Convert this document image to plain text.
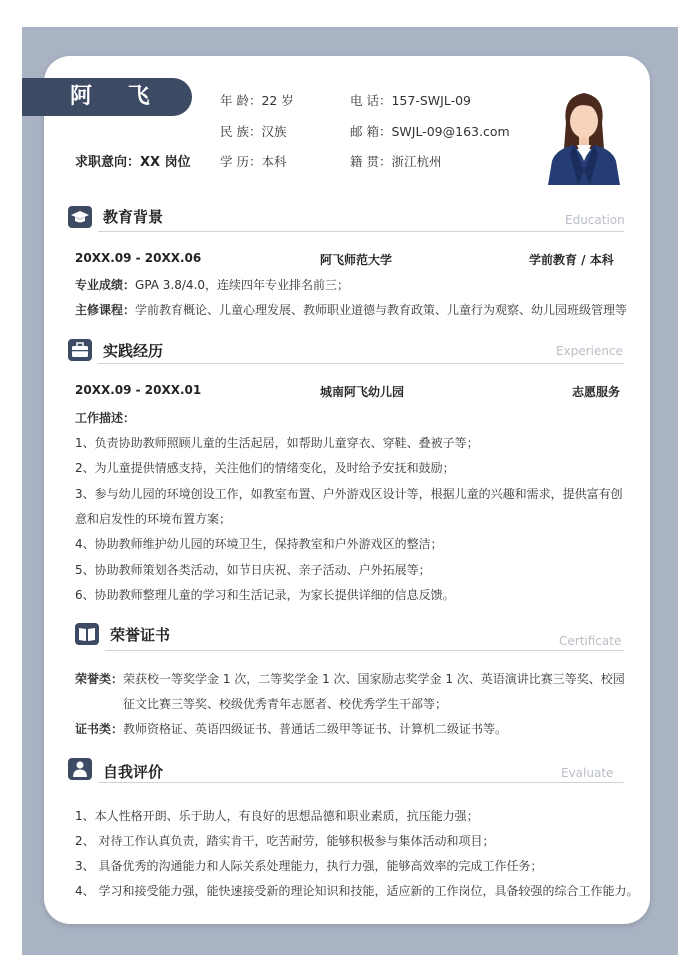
阿 飞
求职意向：XX 岗位
年 龄：22 岁
民 族：汉族
学 历：本科
电 话：157-SWJL-09
邮 箱：SWJL-09@163.com
籍 贯：浙江杭州
教育背景	Education
20XX.09 - 20XX.06	阿飞师范大学	学前教育 / 本科
专业成绩：GPA 3.8/4.0，连续四年专业排名前三；
主修课程：学前教育概论、儿童心理发展、教师职业道德与教育政策、儿童行为观察、幼儿园班级管理等
实践经历	Experience
20XX.09 - 20XX.01	城南阿飞幼儿园	志愿服务
工作描述：
1、负责协助教师照顾儿童的生活起居，如帮助儿童穿衣、穿鞋、叠被子等；
2、为儿童提供情感支持，关注他们的情绪变化，及时给予安抚和鼓励；
3、参与幼儿园的环境创设工作，如教室布置、户外游戏区设计等，根据儿童的兴趣和需求，提供富有创
意和启发性的环境布置方案；
4、协助教师维护幼儿园的环境卫生，保持教室和户外游戏区的整洁；
5、协助教师策划各类活动，如节日庆祝、亲子活动、户外拓展等；
6、协助教师整理儿童的学习和生活记录，为家长提供详细的信息反馈。
荣誉证书	Certificate
荣誉类：荣获校一等奖学金 1 次，二等奖学金 1 次、国家励志奖学金 1 次、英语演讲比赛三等奖、校园
征文比赛三等奖、校级优秀青年志愿者、校优秀学生干部等；
证书类：教师资格证、英语四级证书、普通话二级甲等证书、计算机二级证书等。
自我评价	Evaluate
1、本人性格开朗、乐于助人，有良好的思想品德和职业素质，抗压能力强；
2、 对待工作认真负责，踏实肯干，吃苦耐劳，能够积极参与集体活动和项目；
3、 具备优秀的沟通能力和人际关系处理能力，执行力强，能够高效率的完成工作任务；
4、 学习和接受能力强，能快速接受新的理论知识和技能，适应新的工作岗位，具备较强的综合工作能力。
